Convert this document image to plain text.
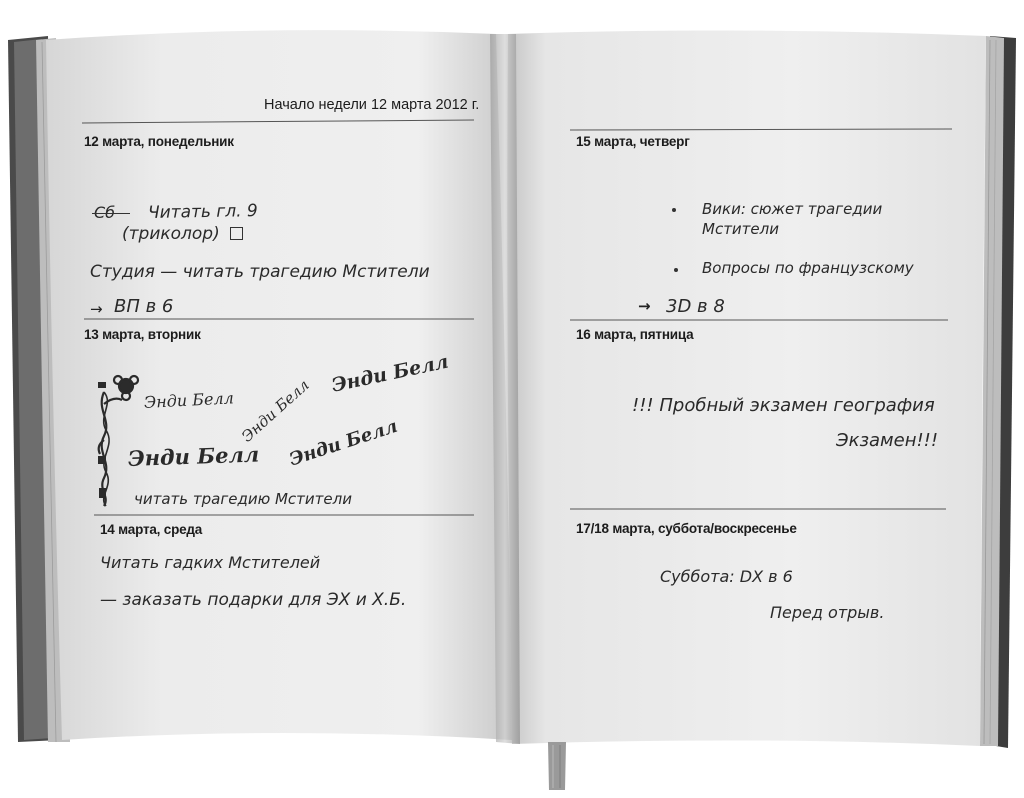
Начало недели 12 марта 2012 г.
12 марта, понедельник
Сб Читать гл. 9
(триколор)
Студия — читать трагедию Мстители
→ ВП в 6
13 марта, вторник
Энди Белл Энди Белл
Энди Белл
Энди Белл Энди Белл
читать трагедию Мстители
14 марта, среда
Читать гадких Мстителей
— заказать подарки для ЭХ и Х.Б.
15 марта, четверг
Вики: сюжет трагедии
Мстители
Вопросы по французскому
→ 3D в 8
16 марта, пятница
!!! Пробный экзамен география
Экзамен!!!
17/18 марта, суббота/воскресенье
Суббота: DX в 6
Перед отрыв.
